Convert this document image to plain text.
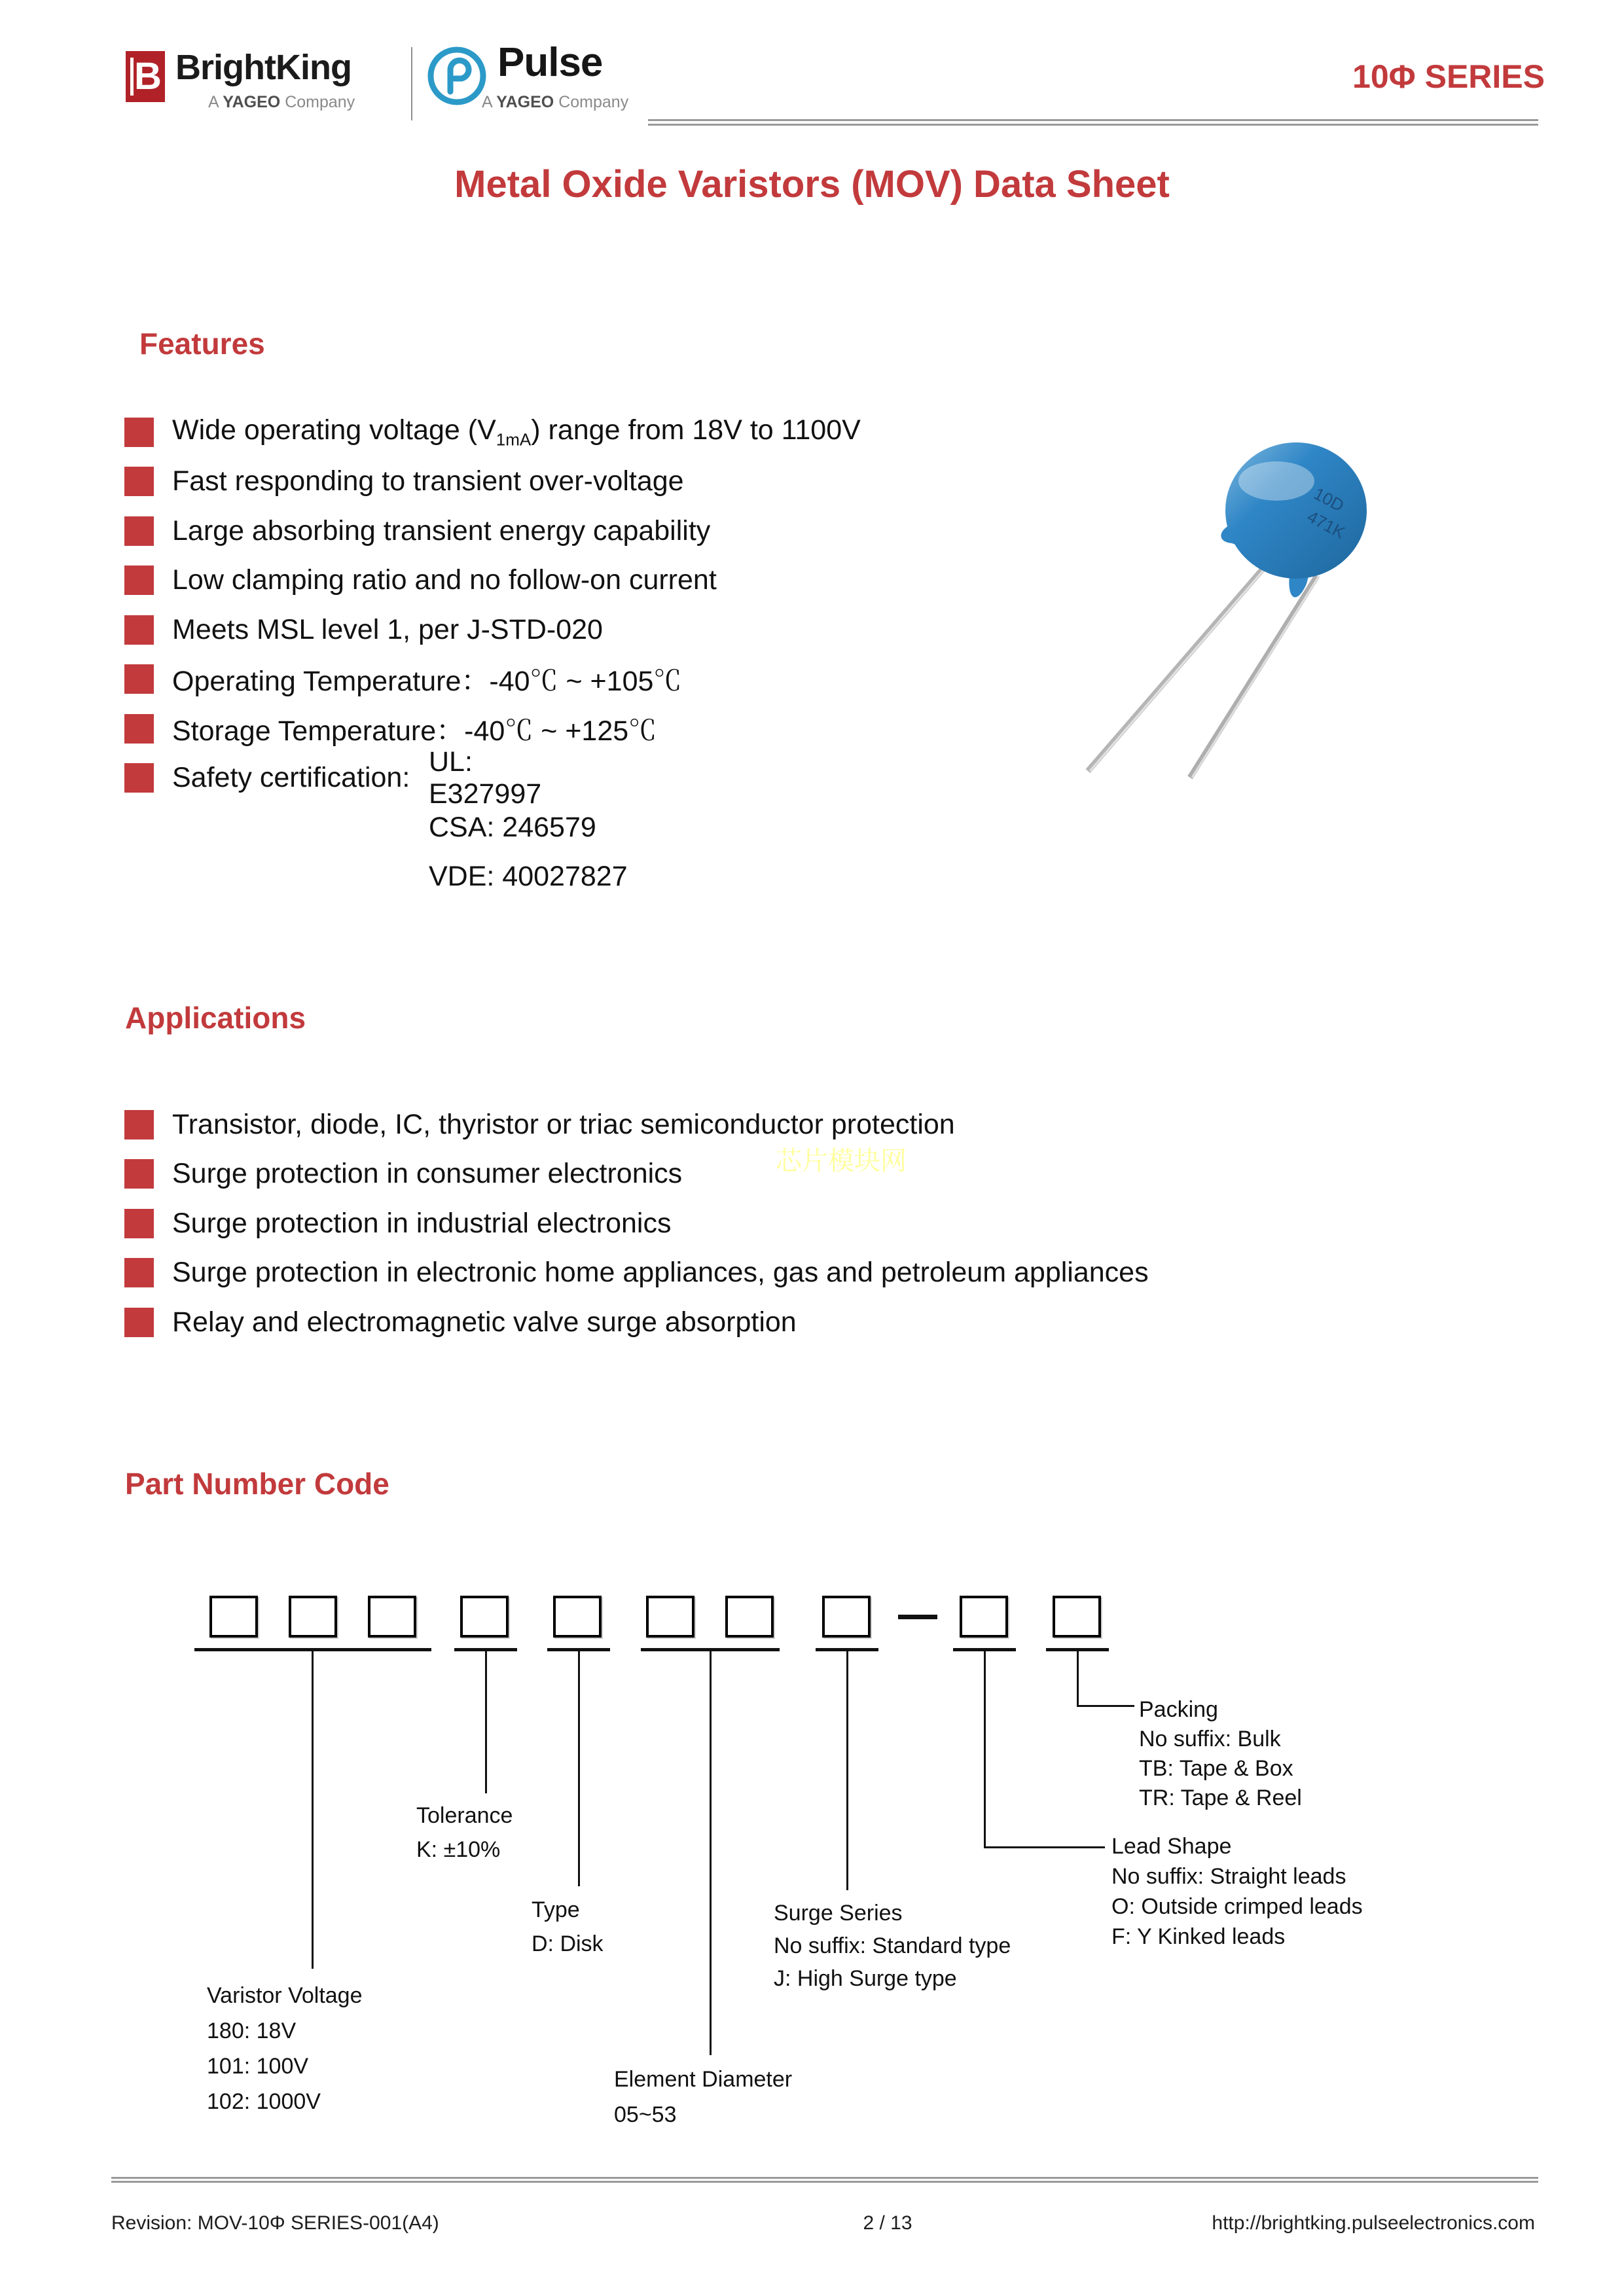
B BrightKing
A YAGEO Company
Pulse
A YAGEO Company
10Φ SERIES
Metal Oxide Varistors (MOV) Data Sheet
Features
Wide operating voltage $(V_{1mA})$ range from 18V to 1100V
Fast responding to transient over-voltage
Large absorbing transient energy capability
Low clamping ratio and no follow-on current
Meets MSL level 1, per J-STD-020
Operating Temperature：-40℃ ~ +105℃
Storage Temperature：-40℃ ~ +125℃
Safety certification:
UL: E327997
10D
471K
Applications
Transistor, diode, IC, thyristor or triac semiconductor protection
Surge protection in consumer electronics
Surge protection in industrial electronics
Surge protection in electronic home appliances, gas and petroleum appliances
Relay and electromagnetic valve surge absorption
芯片模块网
Part Number Code
Varistor Voltage
180: 18V
101: 100V
102: 1000V
Tolerance
K: ±10%
Type
D: Disk
Element Diameter
05~53
Surge Series
No suffix: Standard type
J: High Surge type
Lead Shape
No suffix: Straight leads
O: Outside crimped leads
F: Y Kinked leads
Packing
No suffix: Bulk
TB: Tape & Box
TR: Tape & Reel
Revision: MOV-10Φ SERIES-001(A4)	2 / 13	http://brightking.pulseelectronics.com
CSA: 246579
VDE: 40027827
